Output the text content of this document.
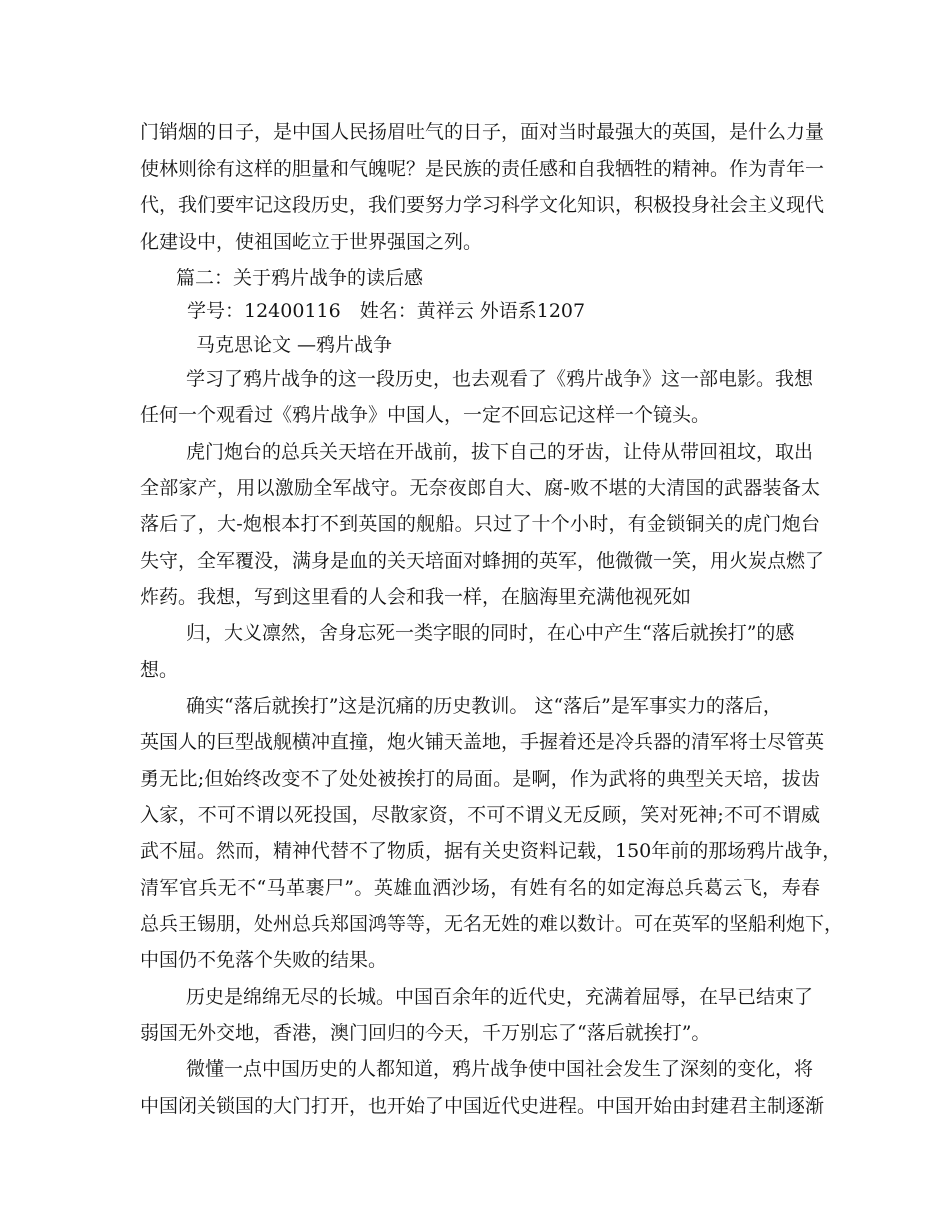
门销烟的日子，是中国人民扬眉吐气的日子，面对当时最强大的英国，是什么力量
使林则徐有这样的胆量和气魄呢？是民族的责任感和自我牺牲的精神。作为青年一
代，我们要牢记这段历史，我们要努力学习科学文化知识，积极投身社会主义现代
化建设中，使祖国屹立于世界强国之列。
篇二：关于鸦片战争的读后感
学号：12400116　姓名：黄祥云 外语系1207
马克思论文 —鸦片战争
学习了鸦片战争的这一段历史，也去观看了《鸦片战争》这一部电影。我想
任何一个观看过《鸦片战争》中国人，一定不回忘记这样一个镜头。
虎门炮台的总兵关天培在开战前，拔下自己的牙齿，让侍从带回祖坟，取出
全部家产，用以激励全军战守。无奈夜郎自大、腐-败不堪的大清国的武器装备太
落后了，大-炮根本打不到英国的舰船。只过了十个小时，有金锁铜关的虎门炮台
失守，全军覆没，满身是血的关天培面对蜂拥的英军，他微微一笑，用火炭点燃了
炸药。我想，写到这里看的人会和我一样，在脑海里充满他视死如
归，大义凛然，舍身忘死一类字眼的同时，在心中产生“落后就挨打”的感
想。
确实“落后就挨打”这是沉痛的历史教训。 这“落后”是军事实力的落后，
英国人的巨型战舰横冲直撞，炮火铺天盖地，手握着还是冷兵器的清军将士尽管英
勇无比;但始终改变不了处处被挨打的局面。是啊，作为武将的典型关天培，拔齿
入家，不可不谓以死投国，尽散家资，不可不谓义无反顾，笑对死神;不可不谓威
武不屈。然而，精神代替不了物质，据有关史资料记载，150年前的那场鸦片战争，
清军官兵无不“马革裹尸”。英雄血洒沙场，有姓有名的如定海总兵葛云飞，寿春
总兵王锡朋，处州总兵郑国鸿等等，无名无姓的难以数计。可在英军的坚船利炮下，
中国仍不免落个失败的结果。
历史是绵绵无尽的长城。中国百余年的近代史，充满着屈辱，在早已结束了
弱国无外交地，香港，澳门回归的今天，千万别忘了“落后就挨打”。
微懂一点中国历史的人都知道，鸦片战争使中国社会发生了深刻的变化，将
中国闭关锁国的大门打开，也开始了中国近代史进程。中国开始由封建君主制逐渐
